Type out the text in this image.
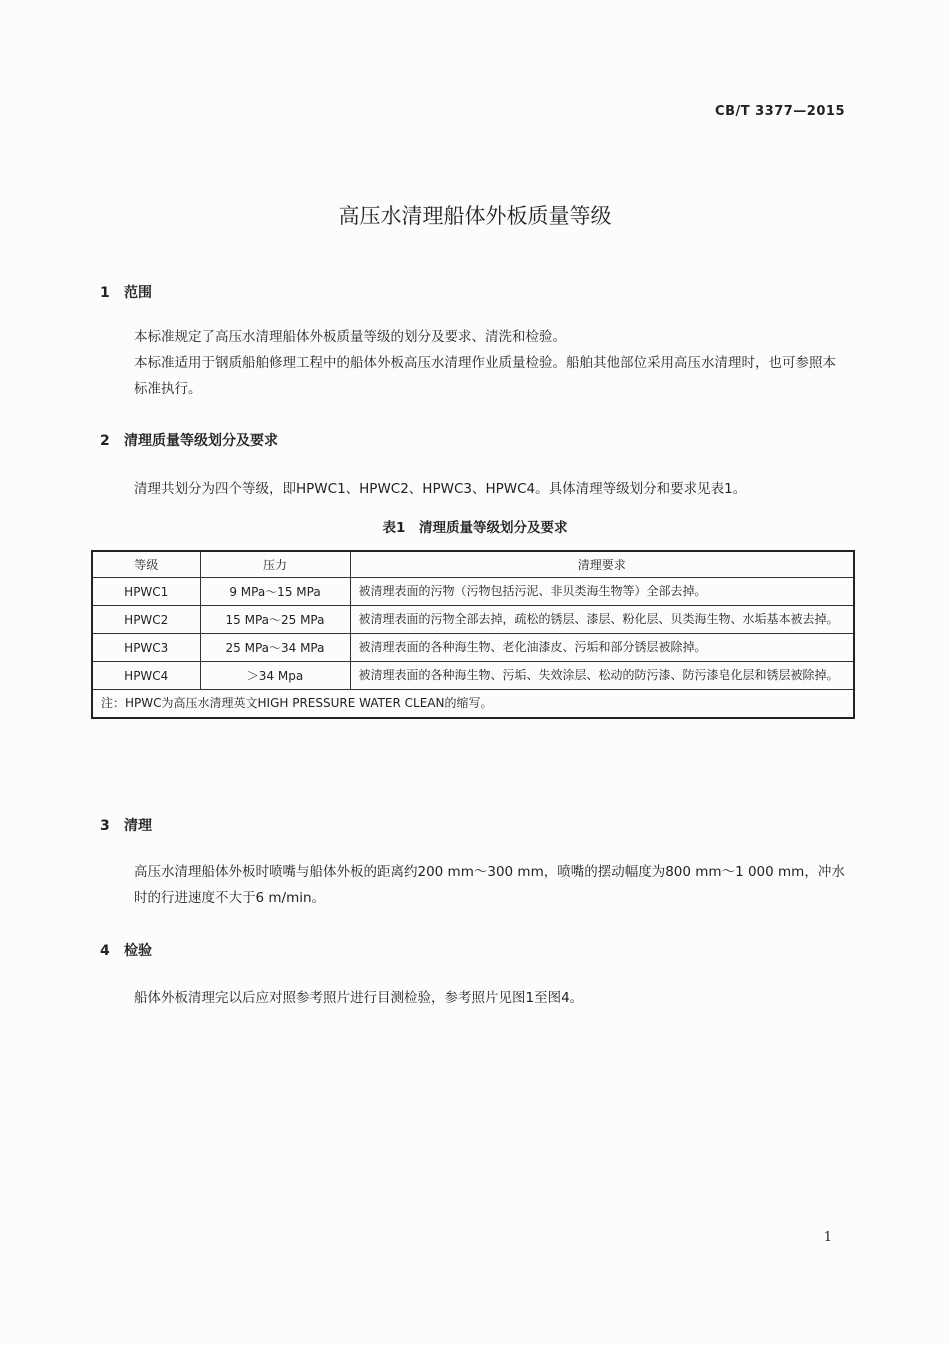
CB/T 3377—2015
高压水清理船体外板质量等级
1 范围
本标准规定了高压水清理船体外板质量等级的划分及要求、清洗和检验。
本标准适用于钢质船舶修理工程中的船体外板高压水清理作业质量检验。船舶其他部位采用高压水清理时，也可参照本标准执行。
2 清理质量等级划分及要求
清理共划分为四个等级，即HPWC1、HPWC2、HPWC3、HPWC4。具体清理等级划分和要求见表1。
表1　清理质量等级划分及要求
等级	压力	清理要求
HPWC1	9 MPa～15 MPa	被清理表面的污物（污物包括污泥、非贝类海生物等）全部去掉。
HPWC2	15 MPa～25 MPa	被清理表面的污物全部去掉，疏松的锈层、漆层、粉化层、贝类海生物、水垢基本被去掉。
HPWC3	25 MPa～34 MPa	被清理表面的各种海生物、老化油漆皮、污垢和部分锈层被除掉。
HPWC4	＞34 Mpa	被清理表面的各种海生物、污垢、失效涂层、松动的防污漆、防污漆皂化层和锈层被除掉。
注：HPWC为高压水清理英文HIGH PRESSURE WATER CLEAN的缩写。		
3 清理
高压水清理船体外板时喷嘴与船体外板的距离约200 mm～300 mm，喷嘴的摆动幅度为800 mm～1 000 mm，冲水时的行进速度不大于6 m/min。
4 检验
船体外板清理完以后应对照参考照片进行目测检验，参考照片见图1至图4。
1
